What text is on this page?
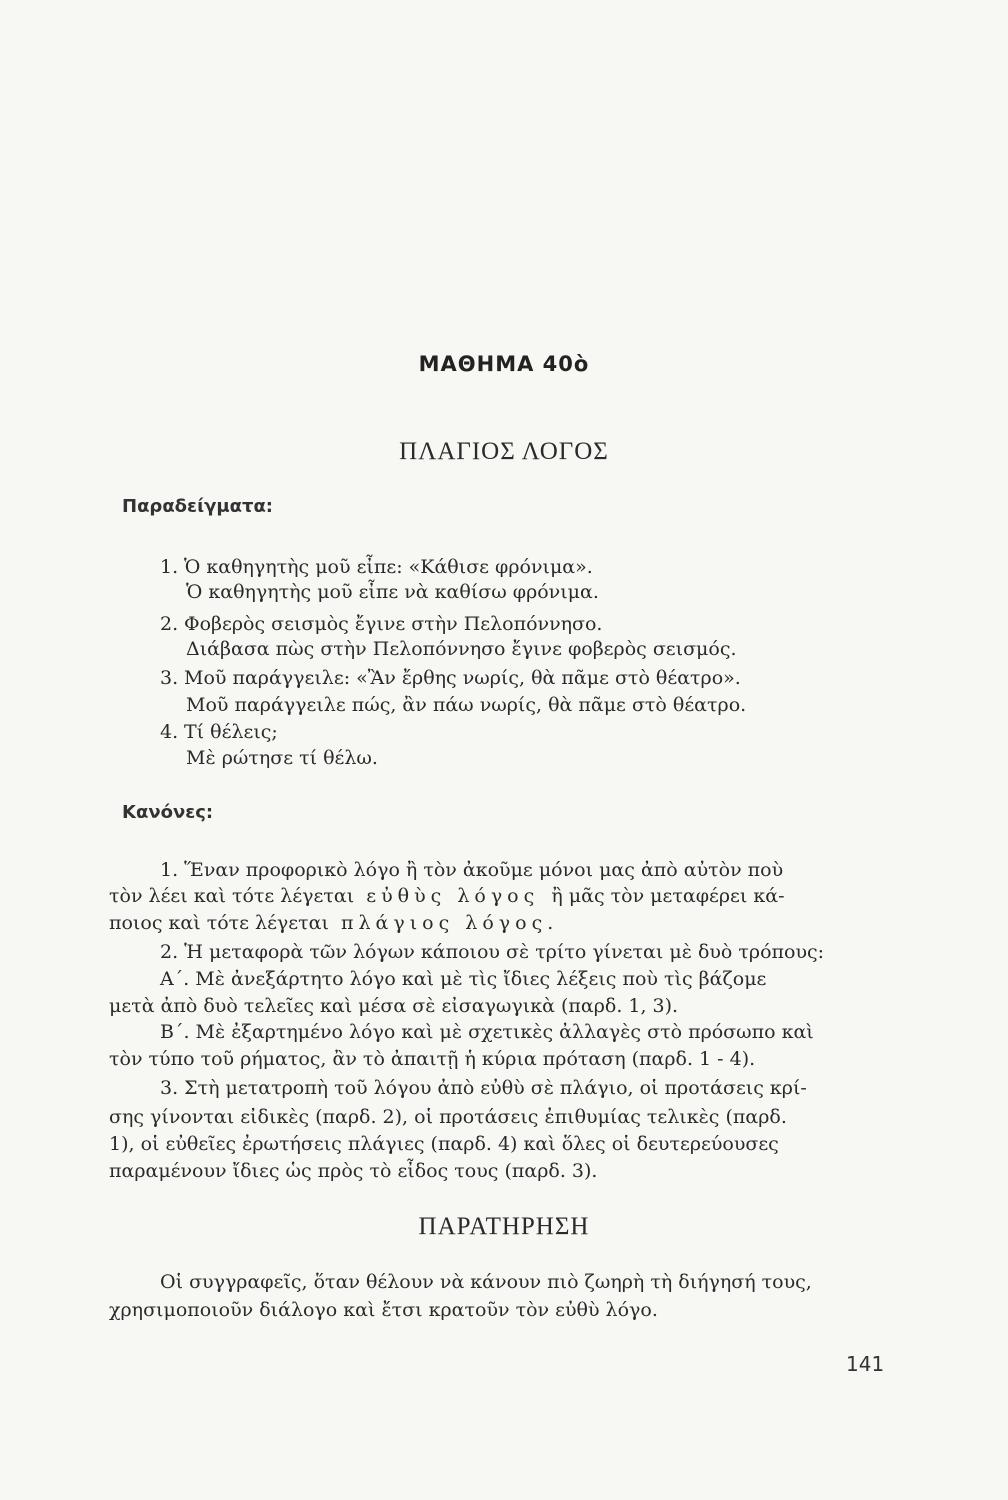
ΜΑΘΗΜΑ 40ὸ
ΠΛΑΓΙΟΣ ΛΟΓΟΣ
Παραδείγματα:
1. Ὁ καθηγητὴς μοῦ εἶπε: «Κάθισε φρόνιμα».
Ὁ καθηγητὴς μοῦ εἶπε νὰ καθίσω φρόνιμα.
2. Φοβερὸς σεισμὸς ἔγινε στὴν Πελοπόννησο.
Διάβασα πὼς στὴν Πελοπόννησο ἔγινε φοβερὸς σεισμός.
3. Μοῦ παράγγειλε: «Ἂν ἔρθης νωρίς, θὰ πᾶμε στὸ θέατρο».
Μοῦ παράγγειλε πώς, ἂν πάω νωρίς, θὰ πᾶμε στὸ θέατρο.
4. Τί θέλεις;
Μὲ ρώτησε τί θέλω.
Κανόνες:
1. Ἕναν προφορικὸ λόγο ἢ τὸν ἀκοῦμε μόνοι μας ἀπὸ αὐτὸν ποὺ
τὸν λέει καὶ τότε λέγεται εὐθὺς λόγος ἢ μᾶς τὸν μεταφέρει κά-
ποιος καὶ τότε λέγεται πλάγιος λόγος.
2. Ἡ μεταφορὰ τῶν λόγων κάποιου σὲ τρίτο γίνεται μὲ δυὸ τρόπους:
Α΄. Μὲ ἀνεξάρτητο λόγο καὶ μὲ τὶς ἴδιες λέξεις ποὺ τὶς βάζομε
μετὰ ἀπὸ δυὸ τελεῖες καὶ μέσα σὲ εἰσαγωγικὰ (παρδ. 1, 3).
Β΄. Μὲ ἐξαρτημένο λόγο καὶ μὲ σχετικὲς ἀλλαγὲς στὸ πρόσωπο καὶ
τὸν τύπο τοῦ ρήματος, ἂν τὸ ἀπαιτῇ ἡ κύρια πρόταση (παρδ. 1 - 4).
3. Στὴ μετατροπὴ τοῦ λόγου ἀπὸ εὐθὺ σὲ πλάγιο, οἱ προτάσεις κρί-
σης γίνονται εἰδικὲς (παρδ. 2), οἱ προτάσεις ἐπιθυμίας τελικὲς (παρδ.
1), οἱ εὐθεῖες ἐρωτήσεις πλάγιες (παρδ. 4) καὶ ὅλες οἱ δευτερεύουσες
παραμένουν ἴδιες ὡς πρὸς τὸ εἶδος τους (παρδ. 3).
ΠΑΡΑΤΗΡΗΣΗ
Οἱ συγγραφεῖς, ὅταν θέλουν νὰ κάνουν πιὸ ζωηρὴ τὴ διήγησή τους,
χρησιμοποιοῦν διάλογο καὶ ἔτσι κρατοῦν τὸν εὐθὺ λόγο.
141
